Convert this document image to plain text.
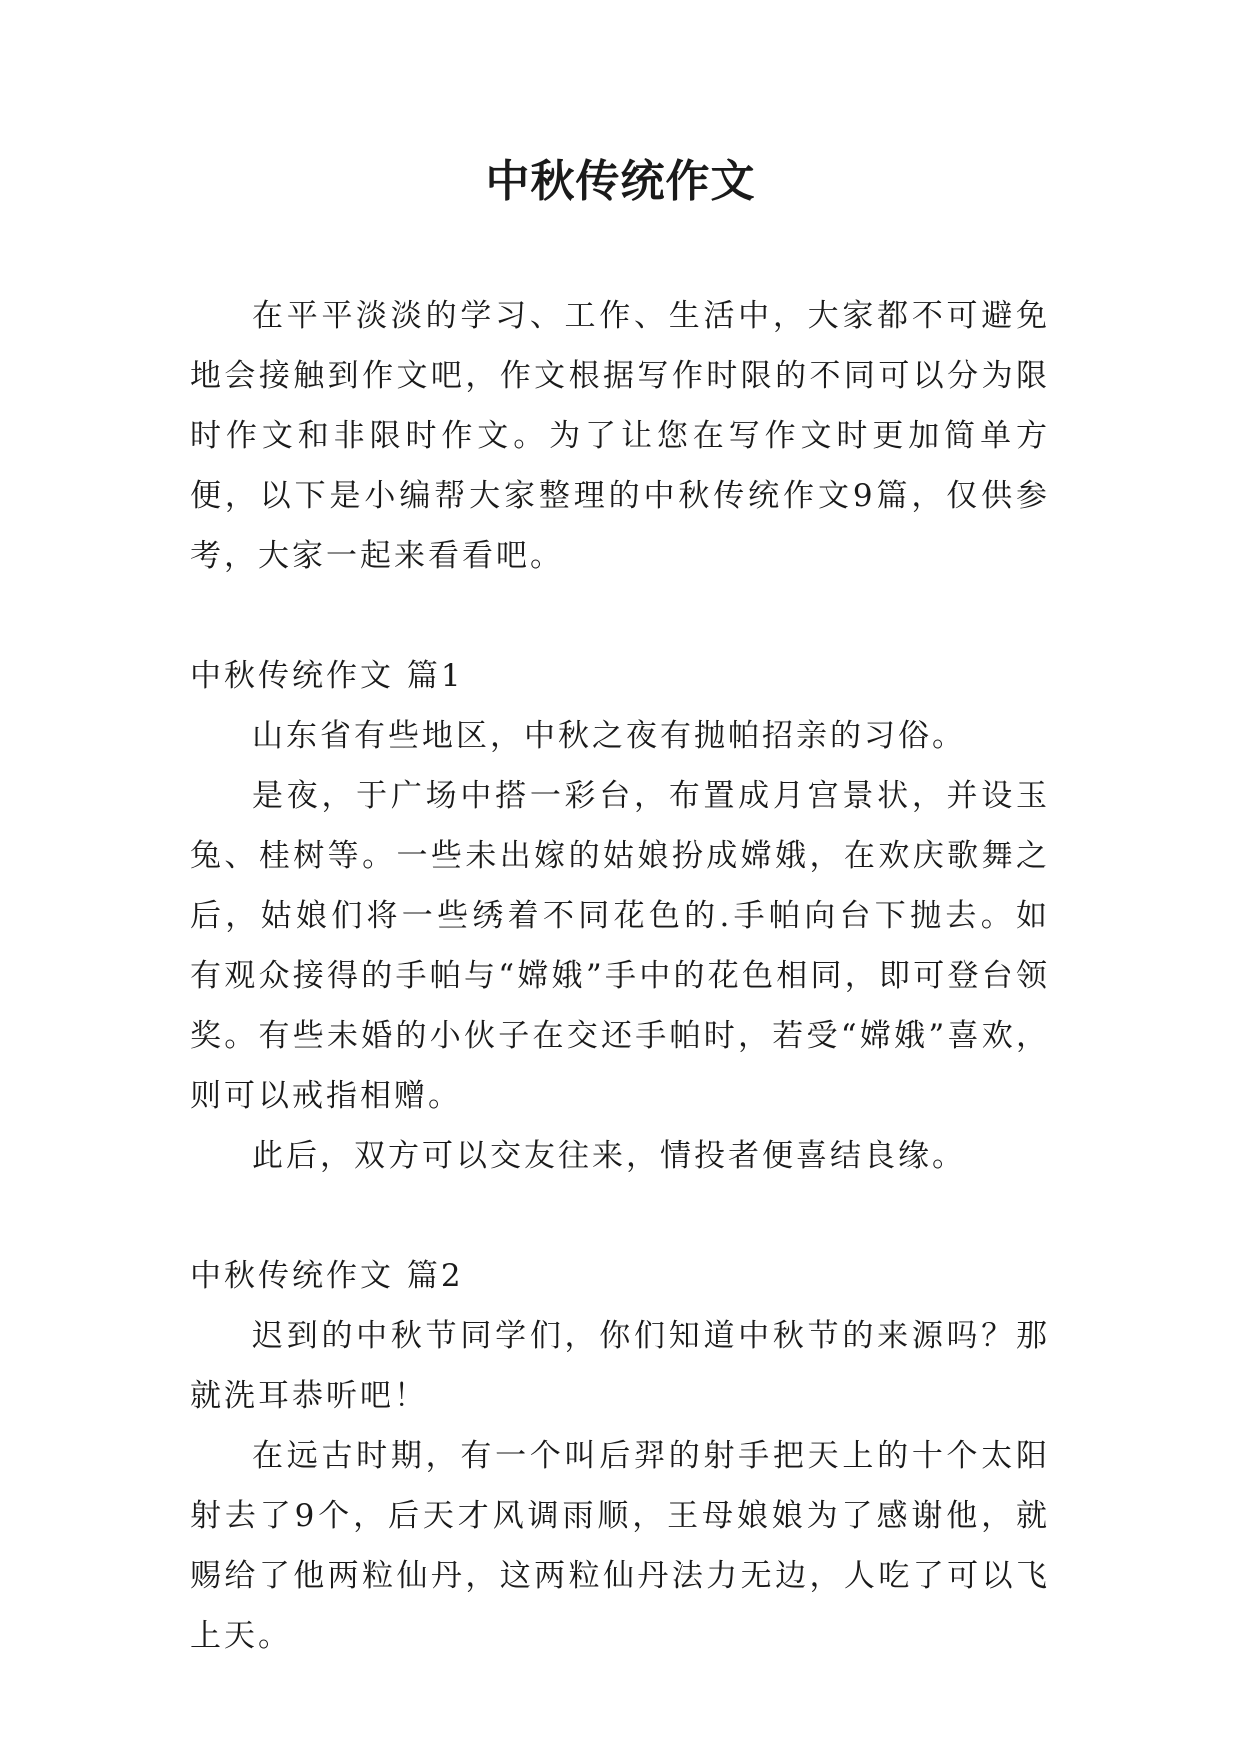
中秋传统作文

在平平淡淡的学习、工作、生活中，大家都不可避免地会接触到作文吧，作文根据写作时限的不同可以分为限时作文和非限时作文。为了让您在写作文时更加简单方便，以下是小编帮大家整理的中秋传统作文9篇，仅供参考，大家一起来看看吧。

中秋传统作文 篇1

山东省有些地区，中秋之夜有抛帕招亲的习俗。

是夜，于广场中搭一彩台，布置成月宫景状，并设玉兔、桂树等。一些未出嫁的姑娘扮成嫦娥，在欢庆歌舞之后，姑娘们将一些绣着不同花色的.手帕向台下抛去。如有观众接得的手帕与“嫦娥”手中的花色相同，即可登台领奖。有些未婚的小伙子在交还手帕时，若受“嫦娥”喜欢，则可以戒指相赠。

此后，双方可以交友往来，情投者便喜结良缘。

中秋传统作文 篇2

迟到的中秋节同学们，你们知道中秋节的来源吗？那就洗耳恭听吧！

在远古时期，有一个叫后羿的射手把天上的十个太阳射去了9个，后天才风调雨顺，王母娘娘为了感谢他，就赐给了他两粒仙丹，这两粒仙丹法力无边，人吃了可以飞上天。
